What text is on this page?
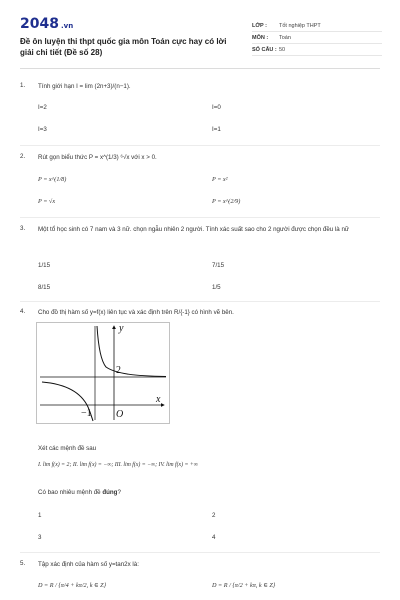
2048 .vn
Đề ôn luyện thi thpt quốc gia môn Toán cực hay có lời giải chi tiết (Đề số 28)
LỚP :	Tốt nghiệp THPT
MÔN :	Toán
SỐ CÂU : 50
1.	Tính giới hạn I = lim (2n+3)/(n−1).
I=2	I=0
I=3	I=1
2.	Rút gọn biểu thức P = x^(1/3) ⁶√x với x > 0.
P = x^(1/8)	P = x²
P = √x	P = x^(2/9)
3.	Một tổ học sinh có 7 nam và 3 nữ. chọn ngẫu nhiên 2 người. Tính xác suất sao cho 2 người được chọn đều là nữ
1/15	7/15
8/15	1/5
4.	Cho đồ thị hàm số y=f(x) liên tục và xác định trên R/{-1} có hình vẽ bên.
y
x
2
−1 O
Xét các mệnh đề sau
I. lim f(x) = 2; II. lim f(x) = −∞; III. lim f(x) = −∞; IV. lim f(x) = +∞
Có bao nhiêu mệnh đề đúng?
1	2
3	4
5.	Tập xác định của hàm số y=tan2x là:
D = R / {π/4 + kπ/2, k ∈ Z}	D = R / {π/2 + kπ, k ∈ Z}
